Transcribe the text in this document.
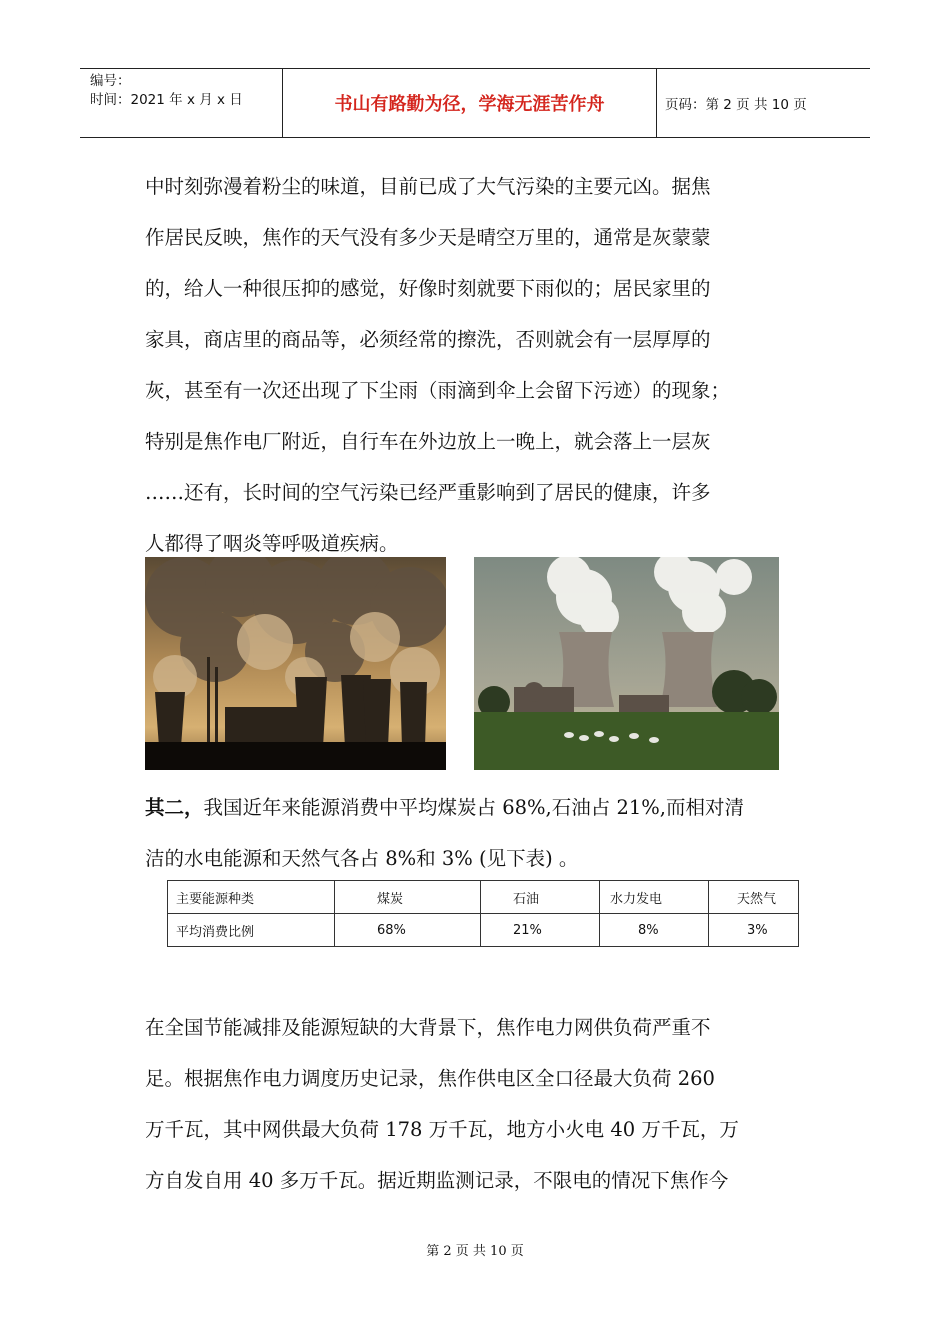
编号：
时间：2021 年 x 月 x 日	书山有路勤为径，学海无涯苦作舟	页码：第 2 页 共 10 页
中时刻弥漫着粉尘的味道，目前已成了大气污染的主要元凶。据焦
作居民反映，焦作的天气没有多少天是晴空万里的，通常是灰蒙蒙
的，给人一种很压抑的感觉，好像时刻就要下雨似的；居民家里的
家具，商店里的商品等，必须经常的擦洗，否则就会有一层厚厚的
灰，甚至有一次还出现了下尘雨（雨滴到伞上会留下污迹）的现象；
特别是焦作电厂附近，自行车在外边放上一晚上，就会落上一层灰
……还有，长时间的空气污染已经严重影响到了居民的健康，许多
人都得了咽炎等呼吸道疾病。
其二，我国近年来能源消费中平均煤炭占 68%,石油占 21%,而相对清
洁的水电能源和天然气各占 8%和 3% (见下表) 。
主要能源种类	煤炭	石油	水力发电	天然气
平均消费比例	68%	21%	8%	3%
在全国节能减排及能源短缺的大背景下，焦作电力网供负荷严重不
足。根据焦作电力调度历史记录，焦作供电区全口径最大负荷 260
万千瓦，其中网供最大负荷 178 万千瓦，地方小火电 40 万千瓦，万
方自发自用 40 多万千瓦。据近期监测记录，不限电的情况下焦作今
第 2 页 共 10 页
